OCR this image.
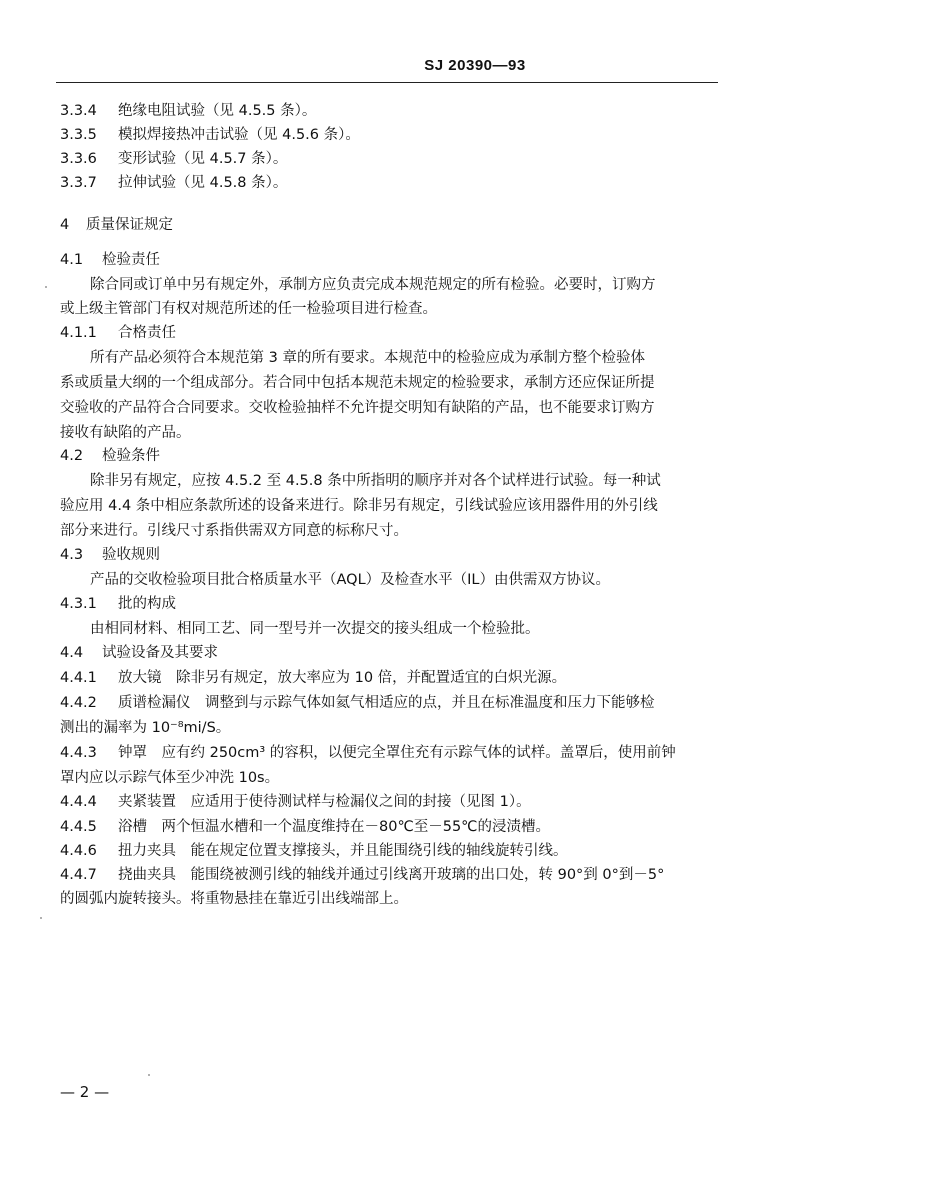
SJ 20390—93
3.3.4 绝缘电阻试验（见 4.5.5 条）。
3.3.5 模拟焊接热冲击试验（见 4.5.6 条）。
3.3.6 变形试验（见 4.5.7 条）。
3.3.7 拉伸试验（见 4.5.8 条）。
4 质量保证规定
4.1 检验责任
除合同或订单中另有规定外，承制方应负责完成本规范规定的所有检验。必要时，订购方
或上级主管部门有权对规范所述的任一检验项目进行检查。
4.1.1 合格责任
所有产品必须符合本规范第 3 章的所有要求。本规范中的检验应成为承制方整个检验体
系或质量大纲的一个组成部分。若合同中包括本规范未规定的检验要求，承制方还应保证所提
交验收的产品符合合同要求。交收检验抽样不允许提交明知有缺陷的产品，也不能要求订购方
接收有缺陷的产品。
4.2 检验条件
除非另有规定，应按 4.5.2 至 4.5.8 条中所指明的顺序并对各个试样进行试验。每一种试
验应用 4.4 条中相应条款所述的设备来进行。除非另有规定，引线试验应该用器件用的外引线
部分来进行。引线尺寸系指供需双方同意的标称尺寸。
4.3 验收规则
产品的交收检验项目批合格质量水平（AQL）及检查水平（IL）由供需双方协议。
4.3.1 批的构成
由相同材料、相同工艺、同一型号并一次提交的接头组成一个检验批。
4.4 试验设备及其要求
4.4.1 放大镜　除非另有规定，放大率应为 10 倍，并配置适宜的白炽光源。
4.4.2 质谱检漏仪　调整到与示踪气体如氦气相适应的点，并且在标准温度和压力下能够检
测出的漏率为 10⁻⁸mi/S。
4.4.3 钟罩　应有约 250cm³ 的容积，以便完全罩住充有示踪气体的试样。盖罩后，使用前钟
罩内应以示踪气体至少冲洗 10s。
4.4.4 夹紧装置　应适用于使待测试样与检漏仪之间的封接（见图 1）。
4.4.5 浴槽　两个恒温水槽和一个温度维持在－80℃至－55℃的浸渍槽。
4.4.6 扭力夹具　能在规定位置支撑接头，并且能围绕引线的轴线旋转引线。
4.4.7 挠曲夹具　能围绕被测引线的轴线并通过引线离开玻璃的出口处，转 90°到 0°到－5°
的圆弧内旋转接头。将重物悬挂在靠近引出线端部上。
— 2 —
